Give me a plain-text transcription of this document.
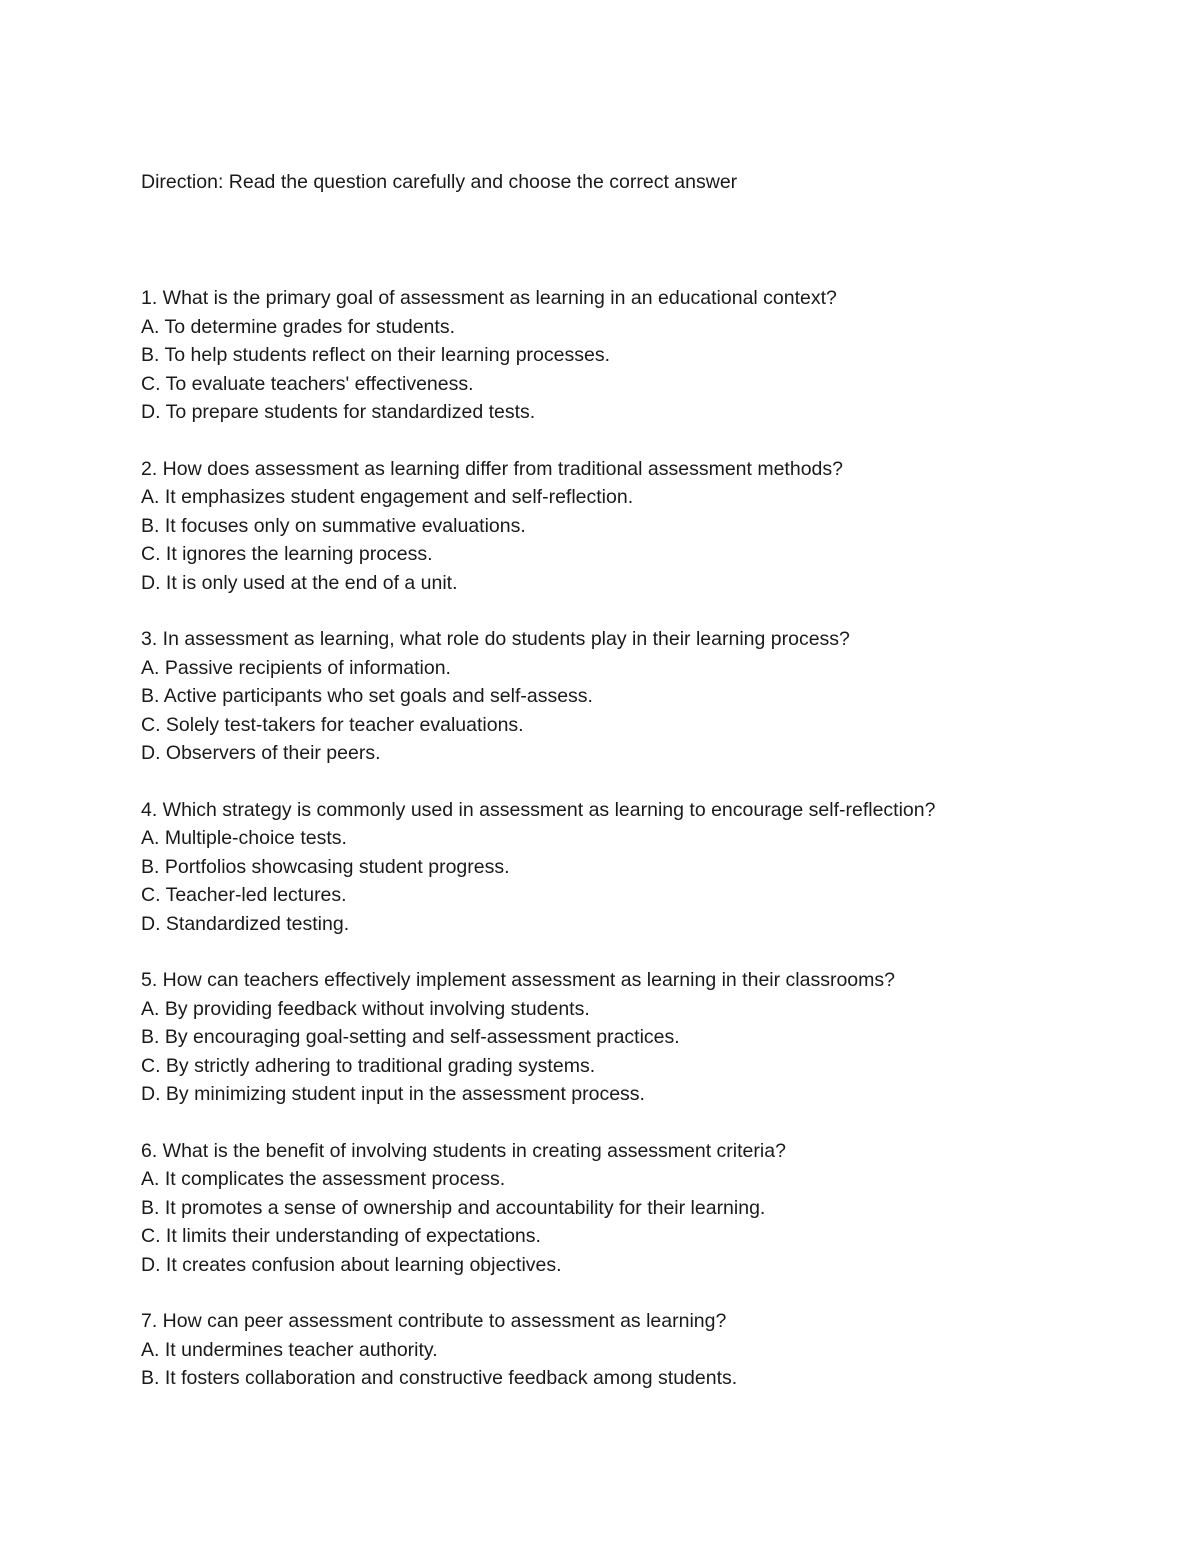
Direction: Read the question carefully and choose the correct answer
1. What is the primary goal of assessment as learning in an educational context?
A. To determine grades for students.
B. To help students reflect on their learning processes.
C. To evaluate teachers' effectiveness.
D. To prepare students for standardized tests.
2. How does assessment as learning differ from traditional assessment methods?
A. It emphasizes student engagement and self-reflection.
B. It focuses only on summative evaluations.
C. It ignores the learning process.
D. It is only used at the end of a unit.
3. In assessment as learning, what role do students play in their learning process?
A. Passive recipients of information.
B. Active participants who set goals and self-assess.
C. Solely test-takers for teacher evaluations.
D. Observers of their peers.
4. Which strategy is commonly used in assessment as learning to encourage self-reflection?
A. Multiple-choice tests.
B. Portfolios showcasing student progress.
C. Teacher-led lectures.
D. Standardized testing.
5. How can teachers effectively implement assessment as learning in their classrooms?
A. By providing feedback without involving students.
B. By encouraging goal-setting and self-assessment practices.
C. By strictly adhering to traditional grading systems.
D. By minimizing student input in the assessment process.
6. What is the benefit of involving students in creating assessment criteria?
A. It complicates the assessment process.
B. It promotes a sense of ownership and accountability for their learning.
C. It limits their understanding of expectations.
D. It creates confusion about learning objectives.
7. How can peer assessment contribute to assessment as learning?
A. It undermines teacher authority.
B. It fosters collaboration and constructive feedback among students.
